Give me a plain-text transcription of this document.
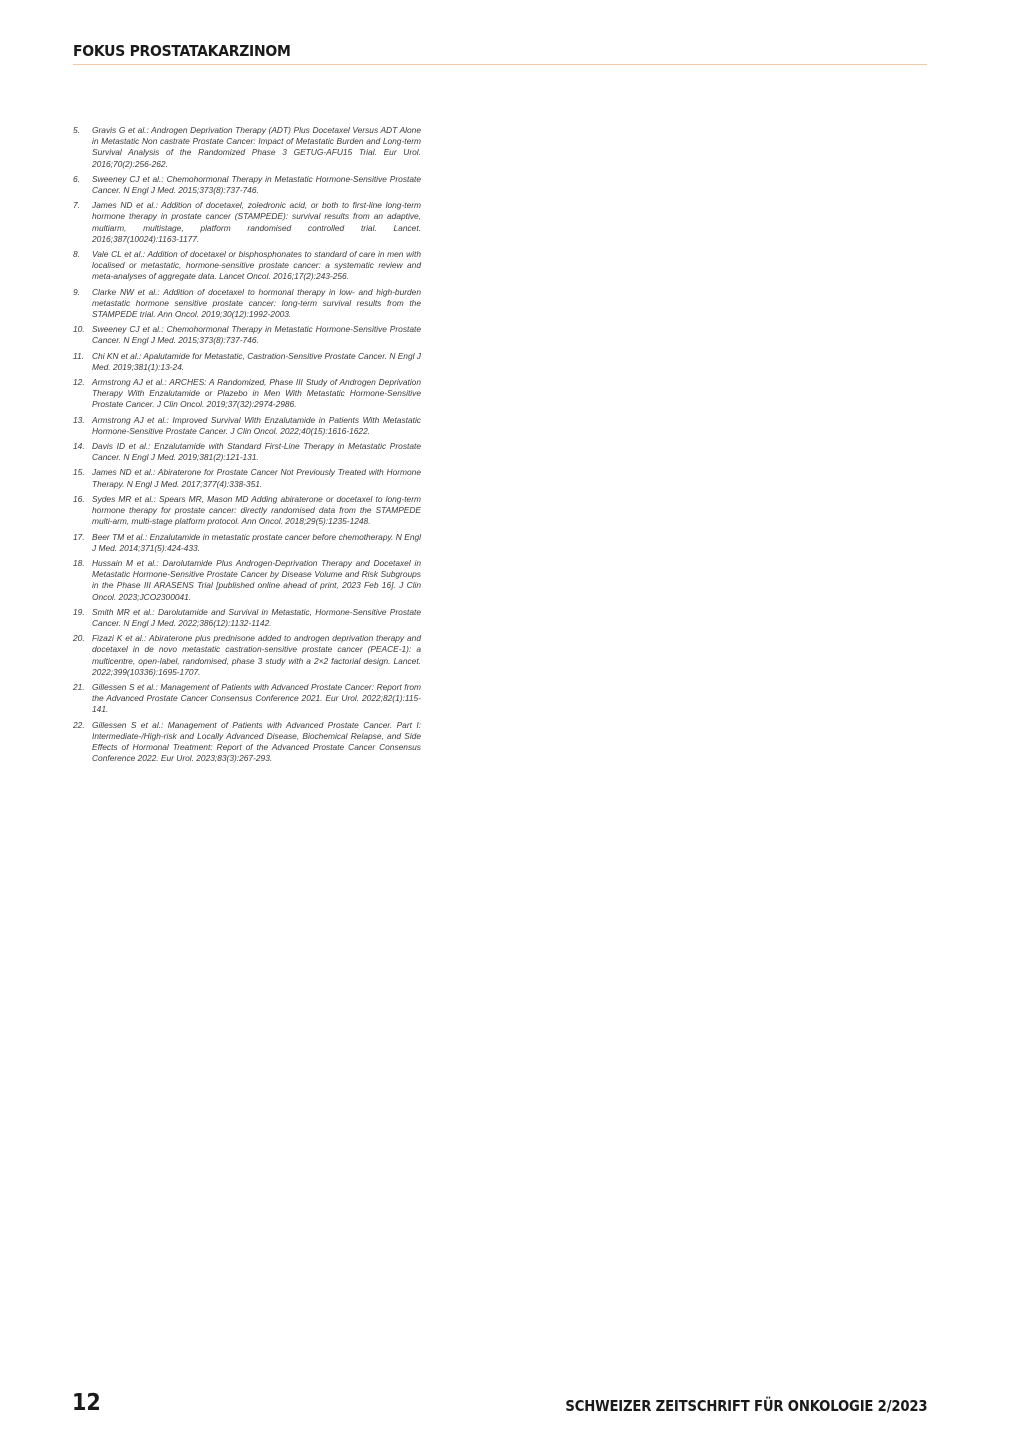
FOKUS PROSTATAKARZINOM
5. Gravis G et al.: Androgen Deprivation Therapy (ADT) Plus Docetaxel Versus ADT Alone in Metastatic Non castrate Prostate Cancer: Impact of Metastatic Burden and Long-term Survival Analysis of the Randomized Phase 3 GETUG-AFU15 Trial. Eur Urol. 2016;70(2):256-262.
6. Sweeney CJ et al.: Chemohormonal Therapy in Metastatic Hormone-Sensitive Prostate Cancer. N Engl J Med. 2015;373(8):737-746.
7. James ND et al.: Addition of docetaxel, zoledronic acid, or both to first-line long-term hormone therapy in prostate cancer (STAMPEDE): survival results from an adaptive, multiarm, multistage, platform randomised controlled trial. Lancet. 2016;387(10024):1163-1177.
8. Vale CL et al.: Addition of docetaxel or bisphosphonates to standard of care in men with localised or metastatic, hormone-sensitive prostate cancer: a systematic review and meta-analyses of aggregate data. Lancet Oncol. 2016;17(2):243-256.
9. Clarke NW et al.: Addition of docetaxel to hormonal therapy in low- and high-burden metastatic hormone sensitive prostate cancer: long-term survival results from the STAMPEDE trial. Ann Oncol. 2019;30(12):1992-2003.
10. Sweeney CJ et al.: Chemohormonal Therapy in Metastatic Hormone-Sensitive Prostate Cancer. N Engl J Med. 2015;373(8):737-746.
11. Chi KN et al.: Apalutamide for Metastatic, Castration-Sensitive Prostate Cancer. N Engl J Med. 2019;381(1):13-24.
12. Armstrong AJ et al.: ARCHES: A Randomized, Phase III Study of Androgen Deprivation Therapy With Enzalutamide or Plazebo in Men With Metastatic Hormone-Sensitive Prostate Cancer. J Clin Oncol. 2019;37(32):2974-2986.
13. Armstrong AJ et al.: Improved Survival With Enzalutamide in Patients With Metastatic Hormone-Sensitive Prostate Cancer. J Clin Oncol. 2022;40(15):1616-1622.
14. Davis ID et al.: Enzalutamide with Standard First-Line Therapy in Metastatic Prostate Cancer. N Engl J Med. 2019;381(2):121-131.
15. James ND et al.: Abiraterone for Prostate Cancer Not Previously Treated with Hormone Therapy. N Engl J Med. 2017;377(4):338-351.
16. Sydes MR et al.: Spears MR, Mason MD Adding abiraterone or docetaxel to long-term hormone therapy for prostate cancer: directly randomised data from the STAMPEDE multi-arm, multi-stage platform protocol. Ann Oncol. 2018;29(5):1235-1248.
17. Beer TM et al.: Enzalutamide in metastatic prostate cancer before chemotherapy. N Engl J Med. 2014;371(5):424-433.
18. Hussain M et al.: Darolutamide Plus Androgen-Deprivation Therapy and Docetaxel in Metastatic Hormone-Sensitive Prostate Cancer by Disease Volume and Risk Subgroups in the Phase III ARASENS Trial [published online ahead of print, 2023 Feb 16]. J Clin Oncol. 2023;JCO2300041.
19. Smith MR et al.: Darolutamide and Survival in Metastatic, Hormone-Sensitive Prostate Cancer. N Engl J Med. 2022;386(12):1132-1142.
20. Fizazi K et al.: Abiraterone plus prednisone added to androgen deprivation therapy and docetaxel in de novo metastatic castration-sensitive prostate cancer (PEACE-1): a multicentre, open-label, randomised, phase 3 study with a 2×2 factorial design. Lancet. 2022;399(10336):1695-1707.
21. Gillessen S et al.: Management of Patients with Advanced Prostate Cancer: Report from the Advanced Prostate Cancer Consensus Conference 2021. Eur Urol. 2022;82(1):115-141.
22. Gillessen S et al.: Management of Patients with Advanced Prostate Cancer. Part I: Intermediate-/High-risk and Locally Advanced Disease, Biochemical Relapse, and Side Effects of Hormonal Treatment: Report of the Advanced Prostate Cancer Consensus Conference 2022. Eur Urol. 2023;83(3):267-293.
12	SCHWEIZER ZEITSCHRIFT FÜR ONKOLOGIE 2/2023
